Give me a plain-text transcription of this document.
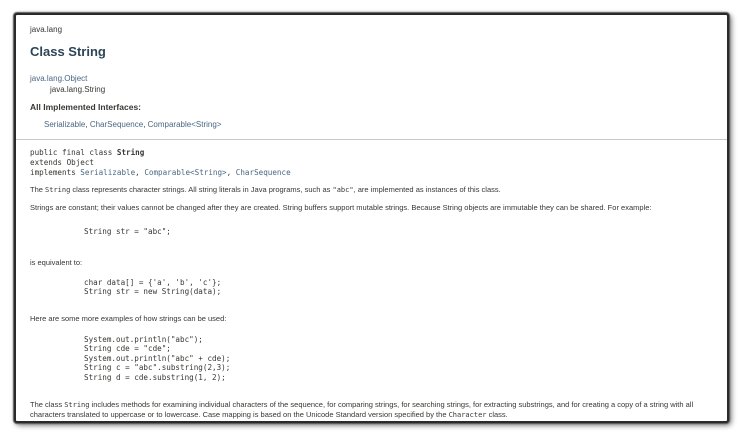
java.lang
Class String
java.lang.Object
java.lang.String
All Implemented Interfaces:
Serializable, CharSequence, Comparable<String>
public final class String
extends Object
implements Serializable, Comparable<String>, CharSequence
The String class represents character strings. All string literals in Java programs, such as "abc", are implemented as instances of this class.
Strings are constant; their values cannot be changed after they are created. String buffers support mutable strings. Because String objects are immutable they can be shared. For example:
String str = "abc";
is equivalent to:
char data[] = {'a', 'b', 'c'};
String str = new String(data);
Here are some more examples of how strings can be used:
System.out.println("abc");
String cde = "cde";
System.out.println("abc" + cde);
String c = "abc".substring(2,3);
String d = cde.substring(1, 2);
The class String includes methods for examining individual characters of the sequence, for comparing strings, for searching strings, for extracting substrings, and for creating a copy of a string with all characters translated to uppercase or to lowercase. Case mapping is based on the Unicode Standard version specified by the Character class.
